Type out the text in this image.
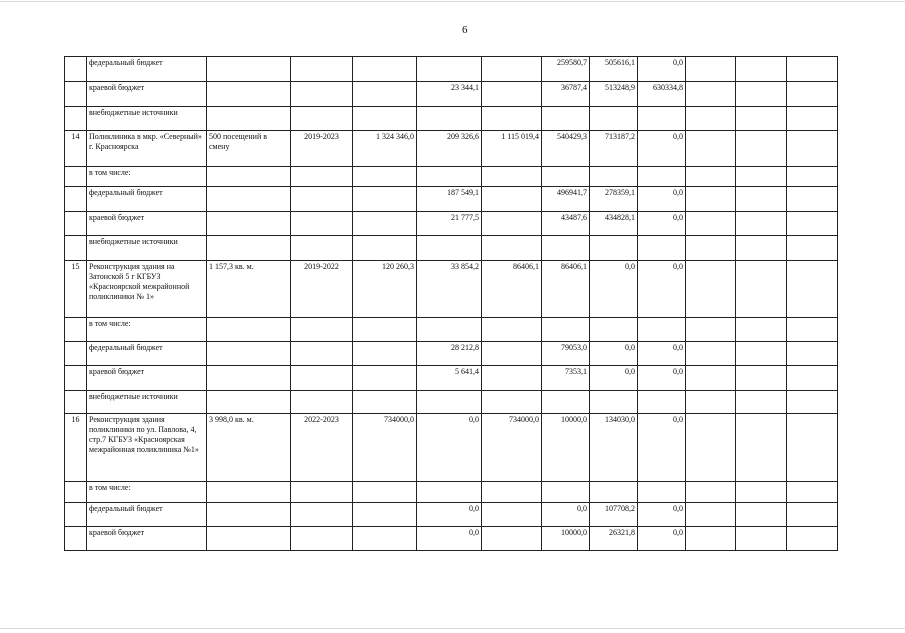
6
	федеральный бюджет						259580,7	505616,1	0,0			
	краевой бюджет				23 344,1		36787,4	513248,9	630334,8			
	внебюджетные источники											
14	Поликлиника в мкр. «Северный» г. Красноярска	500 посещений в смену	2019-2023	1 324 346,0	209 326,6	1 115 019,4	540429,3	713187,2	0,0			
	в том числе:											
	федеральный бюджет				187 549,1		496941,7	278359,1	0,0			
	краевой бюджет				21 777,5		43487,6	434828,1	0,0			
	внебюджетные источники											
15	Реконструкция здания на Затонской 5 г КГБУЗ «Красноярской межрайонной поликлиники № 1»	1 157,3 кв. м.	2019-2022	120 260,3	33 854,2	86406,1	86406,1	0,0	0,0			
	в том числе:											
	федеральный бюджет				28 212,8		79053,0	0,0	0,0			
	краевой бюджет				5 641,4		7353,1	0,0	0,0			
	внебюджетные источники											
16	Реконструкция здания поликлиники по ул. Павлова, 4, стр.7 КГБУЗ «Красноярская межрайонная поликлиника №1»	3 998,0 кв. м.	2022-2023	734000,0	0,0	734000,0	10000,0	134030,0	0,0			
	в том числе:											
	федеральный бюджет				0,0		0,0	107708,2	0,0			
	краевой бюджет				0,0		10000,0	26321,8	0,0			
